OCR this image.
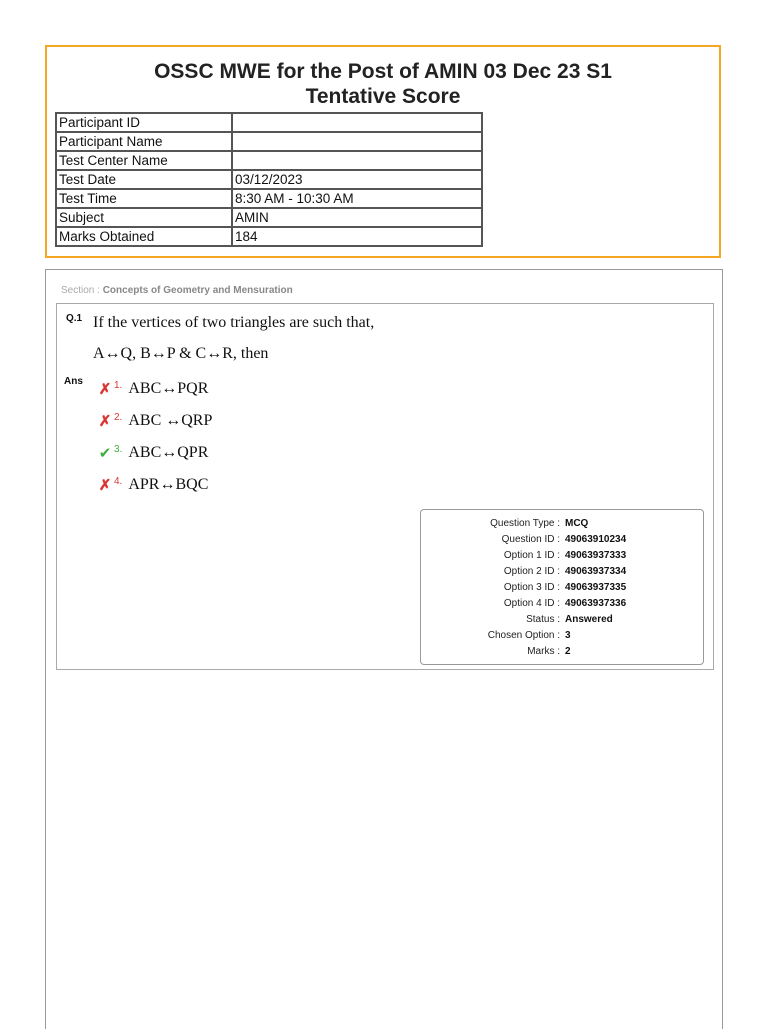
OSSC MWE for the Post of AMIN 03 Dec 23 S1
Tentative Score
Participant ID	
Participant Name	
Test Center Name	
Test Date	03/12/2023
Test Time	8:30 AM - 10:30 AM
Subject	AMIN
Marks Obtained	184
Section : Concepts of Geometry and Mensuration
Q.1 If the vertices of two triangles are such that,
A↔Q, B↔P & C↔R, then
Ans ✗ 1. ABC↔PQR
✗ 2. ABC ↔QRP
✔ 3. ABC↔QPR
✗ 4. APR↔BQC
Question Type : MCQ
Question ID : 49063910234
Option 1 ID : 49063937333
Option 2 ID : 49063937334
Option 3 ID : 49063937335
Option 4 ID : 49063937336
Status : Answered
Chosen Option : 3
Marks : 2
